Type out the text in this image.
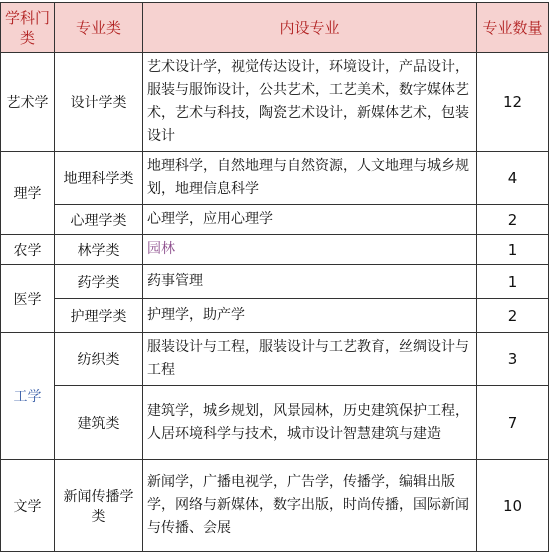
学科门类	专业类	内设专业	专业数量
艺术学	设计学类	艺术设计学，视觉传达设计，环境设计，产品设计，服装与服饰设计，公共艺术，工艺美术，数字媒体艺术，艺术与科技，陶瓷艺术设计，新媒体艺术，包装设计	12
理学	地理科学类	地理科学，自然地理与自然资源，人文地理与城乡规划，地理信息科学	4
	心理学类	心理学，应用心理学	2
农学	林学类	园林	1
医学	药学类	药事管理	1
	护理学类	护理学，助产学	2
工学	纺织类	服装设计与工程，服装设计与工艺教育，丝绸设计与工程	3
	建筑类	建筑学，城乡规划，风景园林，历史建筑保护工程，人居环境科学与技术，城市设计智慧建筑与建造	7
文学	新闻传播学类	新闻学，广播电视学，广告学，传播学，编辑出版学，网络与新媒体，数字出版，时尚传播，国际新闻与传播、会展	10
